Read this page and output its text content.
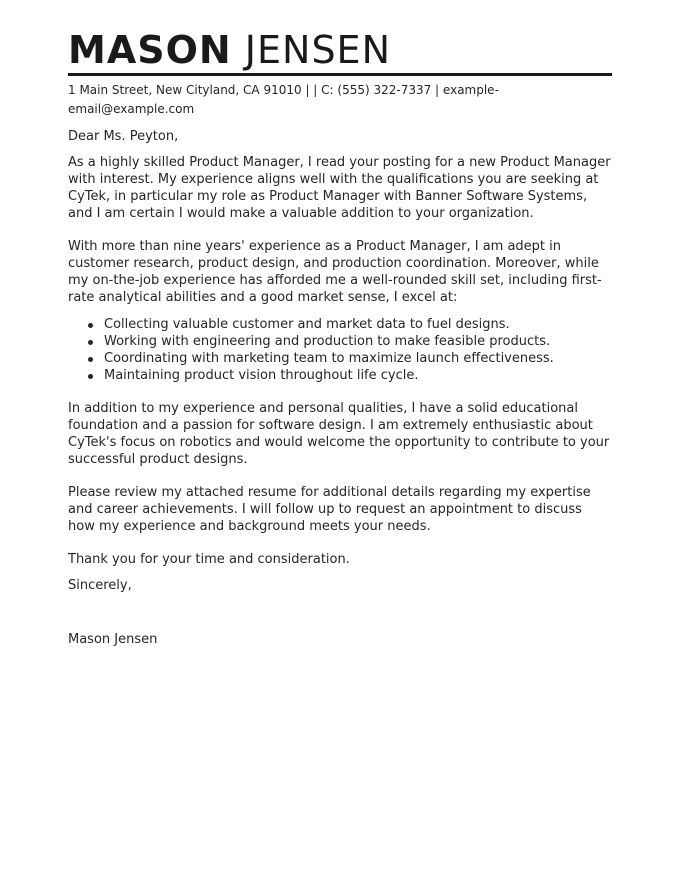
MASON JENSEN
1 Main Street, New Cityland, CA 91010 | | C: (555) 322-7337 | example-email@example.com

Dear Ms. Peyton,

As a highly skilled Product Manager, I read your posting for a new Product Manager with interest. My experience aligns well with the qualifications you are seeking at CyTek, in particular my role as Product Manager with Banner Software Systems, and I am certain I would make a valuable addition to your organization.

With more than nine years' experience as a Product Manager, I am adept in customer research, product design, and production coordination. Moreover, while my on-the-job experience has afforded me a well-rounded skill set, including first-rate analytical abilities and a good market sense, I excel at:

Collecting valuable customer and market data to fuel designs.
Working with engineering and production to make feasible products.
Coordinating with marketing team to maximize launch effectiveness.
Maintaining product vision throughout life cycle.

In addition to my experience and personal qualities, I have a solid educational foundation and a passion for software design. I am extremely enthusiastic about CyTek's focus on robotics and would welcome the opportunity to contribute to your successful product designs.

Please review my attached resume for additional details regarding my expertise and career achievements. I will follow up to request an appointment to discuss how my experience and background meets your needs.

Thank you for your time and consideration.

Sincerely,

Mason Jensen
